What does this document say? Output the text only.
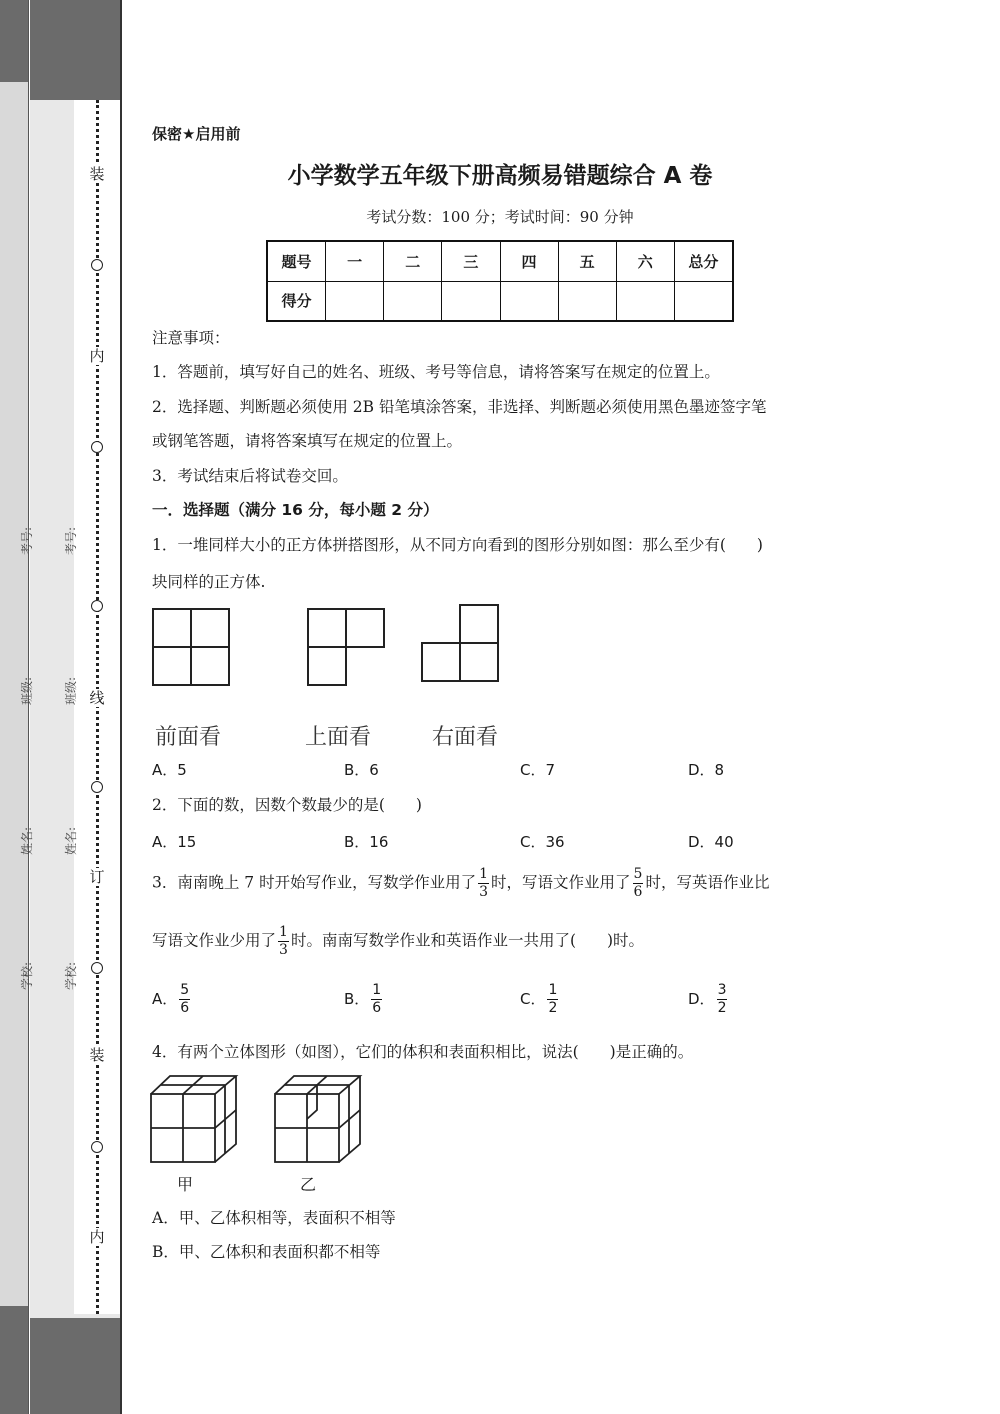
装
内
线
订
装
内
学校:
姓名:
班级:
考号:
学校:
姓名:
班级:
考号:
保密★启用前
小学数学五年级下册高频易错题综合 A 卷
考试分数：100 分；考试时间：90 分钟
题号	一	二	三	四	五	六	总分
得分							
注意事项：
1．答题前，填写好自己的姓名、班级、考号等信息，请将答案写在规定的位置上。
2．选择题、判断题必须使用 2B 铅笔填涂答案，非选择、判断题必须使用黑色墨迹签字笔
或钢笔答题，请将答案填写在规定的位置上。
3．考试结束后将试卷交回。
一．选择题（满分 16 分，每小题 2 分）
1．一堆同样大小的正方体拼搭图形，从不同方向看到的图形分别如图：那么至少有(　　)
块同样的正方体.
前面看	上面看	右面看
A．5	B．6	C．7	D．8
2．下面的数，因数个数最少的是(　　)
A．15	B．16	C．36	D．40
3．南南晚上 7 时开始写作业，写数学作业用了 $\frac{1}{3}$ 时，写语文作业用了 $\frac{5}{6}$ 时，写英语作业比
写语文作业少用了 $\frac{1}{3}$ 时。南南写数学作业和英语作业一共用了(　　)时。
A． $\frac{5}{6}$	B． $\frac{1}{6}$	C． $\frac{1}{2}$	D． $\frac{3}{2}$
4．有两个立体图形（如图），它们的体积和表面积相比，说法(　　)是正确的。
甲	乙
A．甲、乙体积相等，表面积不相等
B．甲、乙体积和表面积都不相等
